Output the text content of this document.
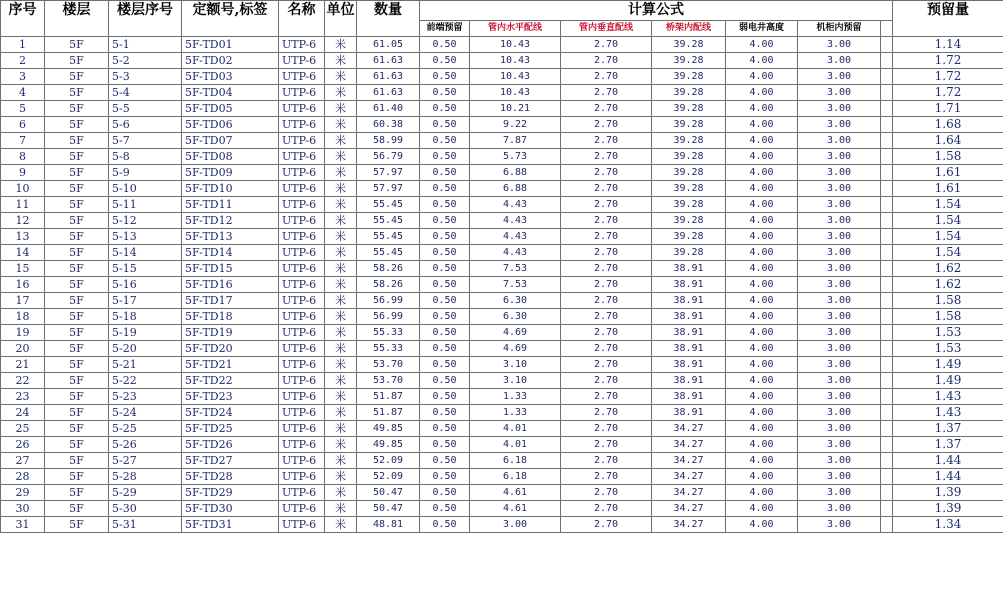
序号	楼层	楼层序号	定额号,标签	名称	单位	数量	计算公式							预留量
							前端预留	管内水平配线	管内垂直配线	桥架内配线	弱电井高度	机柜内预留		
1	5F	5-1	5F-TD01	UTP-6	米	61.05	0.50	10.43	2.70	39.28	4.00	3.00		1.14
2	5F	5-2	5F-TD02	UTP-6	米	61.63	0.50	10.43	2.70	39.28	4.00	3.00		1.72
3	5F	5-3	5F-TD03	UTP-6	米	61.63	0.50	10.43	2.70	39.28	4.00	3.00		1.72
4	5F	5-4	5F-TD04	UTP-6	米	61.63	0.50	10.43	2.70	39.28	4.00	3.00		1.72
5	5F	5-5	5F-TD05	UTP-6	米	61.40	0.50	10.21	2.70	39.28	4.00	3.00		1.71
6	5F	5-6	5F-TD06	UTP-6	米	60.38	0.50	9.22	2.70	39.28	4.00	3.00		1.68
7	5F	5-7	5F-TD07	UTP-6	米	58.99	0.50	7.87	2.70	39.28	4.00	3.00		1.64
8	5F	5-8	5F-TD08	UTP-6	米	56.79	0.50	5.73	2.70	39.28	4.00	3.00		1.58
9	5F	5-9	5F-TD09	UTP-6	米	57.97	0.50	6.88	2.70	39.28	4.00	3.00		1.61
10	5F	5-10	5F-TD10	UTP-6	米	57.97	0.50	6.88	2.70	39.28	4.00	3.00		1.61
11	5F	5-11	5F-TD11	UTP-6	米	55.45	0.50	4.43	2.70	39.28	4.00	3.00		1.54
12	5F	5-12	5F-TD12	UTP-6	米	55.45	0.50	4.43	2.70	39.28	4.00	3.00		1.54
13	5F	5-13	5F-TD13	UTP-6	米	55.45	0.50	4.43	2.70	39.28	4.00	3.00		1.54
14	5F	5-14	5F-TD14	UTP-6	米	55.45	0.50	4.43	2.70	39.28	4.00	3.00		1.54
15	5F	5-15	5F-TD15	UTP-6	米	58.26	0.50	7.53	2.70	38.91	4.00	3.00		1.62
16	5F	5-16	5F-TD16	UTP-6	米	58.26	0.50	7.53	2.70	38.91	4.00	3.00		1.62
17	5F	5-17	5F-TD17	UTP-6	米	56.99	0.50	6.30	2.70	38.91	4.00	3.00		1.58
18	5F	5-18	5F-TD18	UTP-6	米	56.99	0.50	6.30	2.70	38.91	4.00	3.00		1.58
19	5F	5-19	5F-TD19	UTP-6	米	55.33	0.50	4.69	2.70	38.91	4.00	3.00		1.53
20	5F	5-20	5F-TD20	UTP-6	米	55.33	0.50	4.69	2.70	38.91	4.00	3.00		1.53
21	5F	5-21	5F-TD21	UTP-6	米	53.70	0.50	3.10	2.70	38.91	4.00	3.00		1.49
22	5F	5-22	5F-TD22	UTP-6	米	53.70	0.50	3.10	2.70	38.91	4.00	3.00		1.49
23	5F	5-23	5F-TD23	UTP-6	米	51.87	0.50	1.33	2.70	38.91	4.00	3.00		1.43
24	5F	5-24	5F-TD24	UTP-6	米	51.87	0.50	1.33	2.70	38.91	4.00	3.00		1.43
25	5F	5-25	5F-TD25	UTP-6	米	49.85	0.50	4.01	2.70	34.27	4.00	3.00		1.37
26	5F	5-26	5F-TD26	UTP-6	米	49.85	0.50	4.01	2.70	34.27	4.00	3.00		1.37
27	5F	5-27	5F-TD27	UTP-6	米	52.09	0.50	6.18	2.70	34.27	4.00	3.00		1.44
28	5F	5-28	5F-TD28	UTP-6	米	52.09	0.50	6.18	2.70	34.27	4.00	3.00		1.44
29	5F	5-29	5F-TD29	UTP-6	米	50.47	0.50	4.61	2.70	34.27	4.00	3.00		1.39
30	5F	5-30	5F-TD30	UTP-6	米	50.47	0.50	4.61	2.70	34.27	4.00	3.00		1.39
31	5F	5-31	5F-TD31	UTP-6	米	48.81	0.50	3.00	2.70	34.27	4.00	3.00		1.34
